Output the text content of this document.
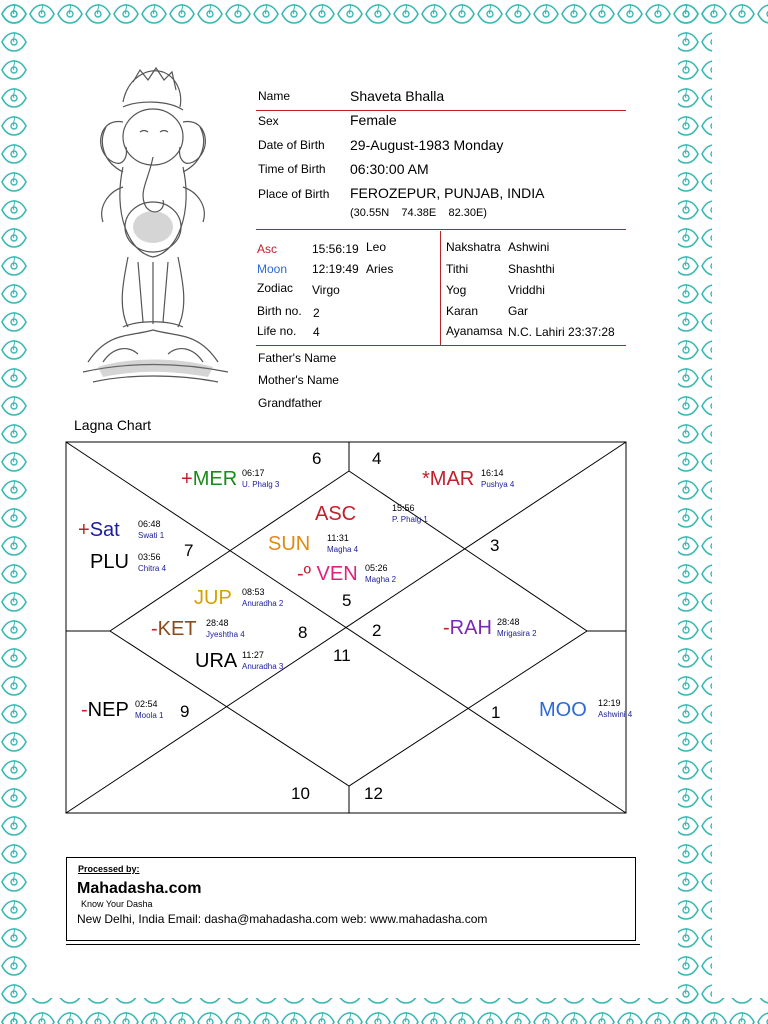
Name	Shaveta Bhalla
Sex	Female
Date of Birth 29-August-1983 Monday
Time of Birth 06:30:00 AM
Place of Birth FEROZEPUR, PUNJAB, INDIA
(30.55N    74.38E    82.30E)
Asc	15:56:19 Leo
Moon 12:19:49 Aries
Zodiac Virgo
Birth no. 2
Life no. 4
Nakshatra Ashwini
Tithi	Shashthi
Yog	Vriddhi
Karan Gar
Ayanamsa N.C. Lahiri 23:37:28
Father's Name
Mother's Name
Grandfather
Lagna Chart
6	4
3
7
5
8	2
11
9	1
10	12
+MER 06:17
U. Phalg 3	*MAR 16:14
Pushya 4
ASC	15:56
P. Phalg 1
+Sat 06:48
Swati 1
PLU 03:56
Chitra 4
SUN 11:31
Magha 4
-º VEN 05:26
Magha 2
JUP 08:53
Anuradha 2
-KET 28:48
Jyeshtha 4	-RAH 28:48
Mrigasira 2
URA 11:27
Anuradha 3
-NEP 02:54
Moola 1	MOO 12:19
Ashwini 4
Processed by:
Mahadasha.com
Know Your Dasha
New Delhi, India Email: dasha@mahadasha.com web: www.mahadasha.com
